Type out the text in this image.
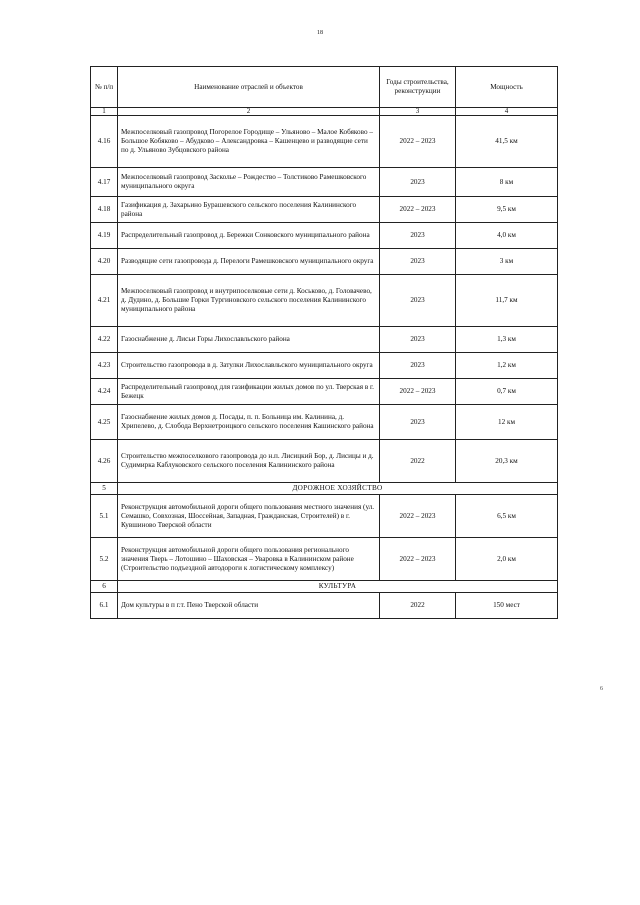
18
№ п/п	Наименование отраслей и объектов	Годы строительства, реконструкции	Мощность
1	2	3	4
4.16	Межпоселковый газопровод Погорелое Городище – Ульяново – Малое Кобяково – Большое Кобяково – Абудково – Александровка – Кашенцево и разводящие сети по д. Ульяново Зубцовского района	2022 – 2023	41,5 км
4.17	Межпоселковый газопровод Засколье – Рождество – Толстиково Рамешковского муниципального округа	2023	8 км
4.18	Газификация д. Захарьино Бурашевского сельского поселения Калининского района	2022 – 2023	9,5 км
4.19	Распределительный газопровод д. Бережки Сонковского муниципального района	2023	4,0 км
4.20	Разводящие сети газопровода д. Перелоги Рамешковского муниципального округа	2023	3 км
4.21	Межпоселковый газопровод и внутрипоселковые сети д. Коськово, д. Головачево, д. Дудино, д. Большие Горки Тургиновского сельского поселения Калининского муниципального района	2023	11,7 км
4.22	Газоснабжение д. Лисьи Горы Лихославльского района	2023	1,3 км
4.23	Строительство газопровода в д. Затулки Лихославльского муниципального округа	2023	1,2 км
4.24	Распределительный газопровод для газификации жилых домов по ул. Тверская в г. Бежецк	2022 – 2023	0,7 км
4.25	Газоснабжение жилых домов д. Посады, п. п. Больница им. Калинина, д. Хрипелево, д. Слобода Верхнетроицкого сельского поселения Кашинского района	2023	12 км
4.26	Строительство межпоселкового газопровода до н.п. Лисицкий Бор, д. Лисицы и д. Судимирка Каблуковского сельского поселения Калининского района	2022	20,3 км
5	ДОРОЖНОЕ ХОЗЯЙСТВО		
5.1	Реконструкция автомобильной дороги общего пользования местного значения (ул. Семашко, Совхозная, Шоссейная, Западная, Гражданская, Строителей) в г. Кувшиново Тверской области	2022 – 2023	6,5 км
5.2	Реконструкция автомобильной дороги общего пользования регионального значения Тверь – Лотошино – Шаховская – Уваровка в Калининском районе (Строительство подъездной автодороги к логистическому комплексу)	2022 – 2023	2,0 км
6	КУЛЬТУРА		
6.1	Дом культуры в п г.т. Пено Тверской области	2022	150 мест
6
